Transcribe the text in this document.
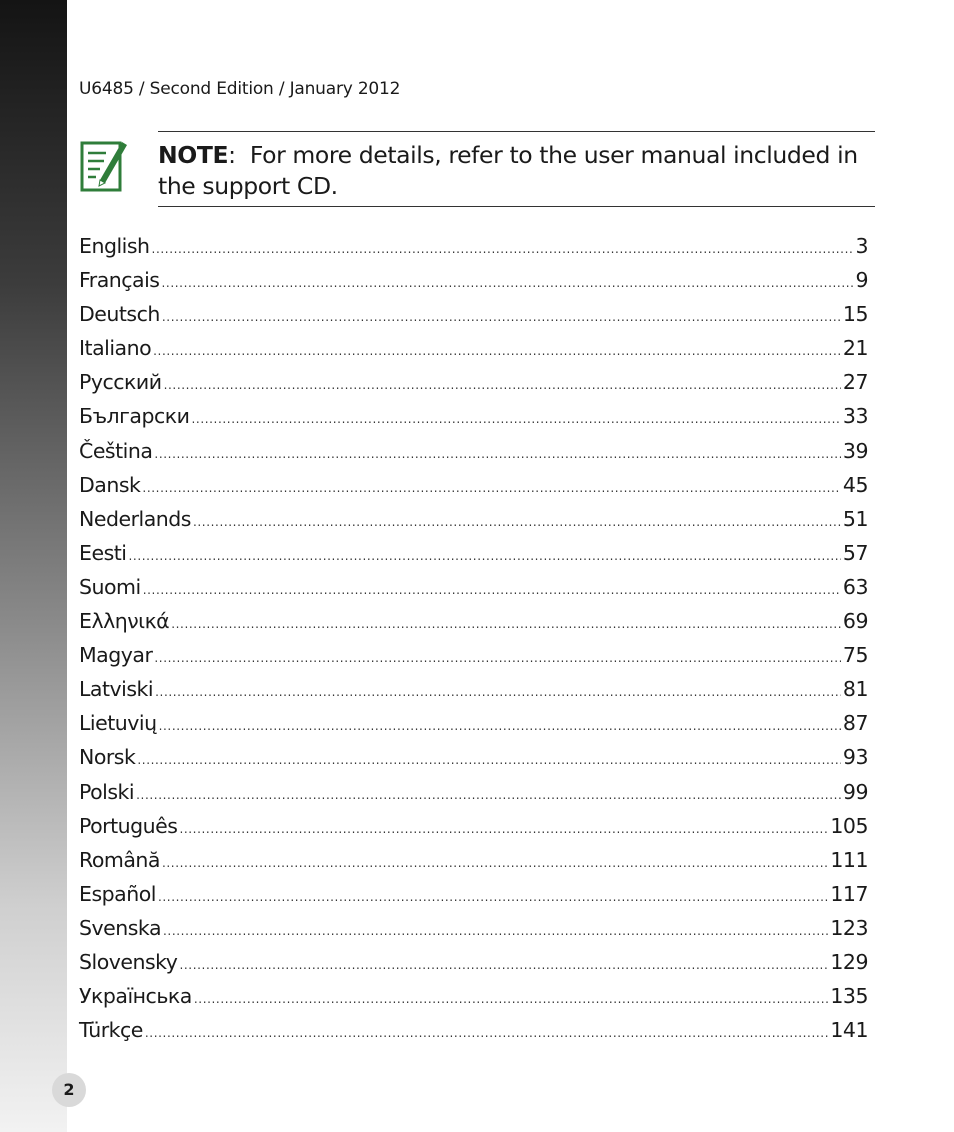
U6485 / Second Edition / January 2012
NOTE: For more details, refer to the user manual included in the support CD.
English .....	3
Français .....	9
Deutsch .....	15
Italiano .....	21
Русский .....	27
Български .....	33
Čeština .....	39
Dansk .....	45
Nederlands .....	51
Eesti .....	57
Suomi .....	63
Ελληνικά .....	69
Magyar .....	75
Latviski .....	81
Lietuvių .....	87
Norsk .....	93
Polski .....	99
Português .....	105
Română .....	111
Español .....	117
Svenska .....	123
Slovensky .....	129
Українська .....	135
Türkçe .....	141
2
